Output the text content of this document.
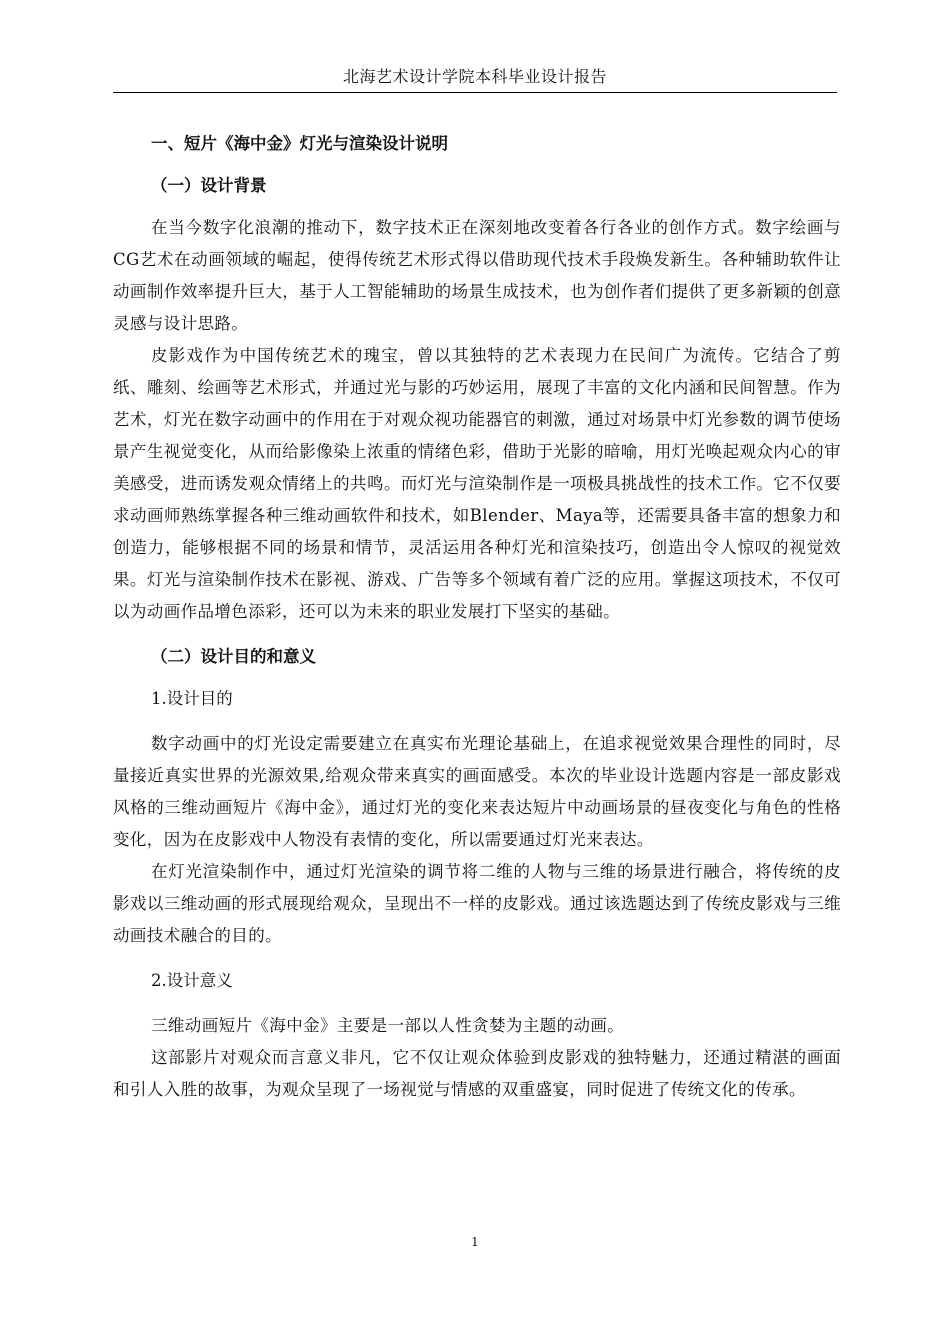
北海艺术设计学院本科毕业设计报告
一、短片《海中金》灯光与渲染设计说明
（一）设计背景

在当今数字化浪潮的推动下，数字技术正在深刻地改变着各行各业的创作方式。数字绘画与CG艺术在动画领域的崛起，使得传统艺术形式得以借助现代技术手段焕发新生。各种辅助软件让动画制作效率提升巨大，基于人工智能辅助的场景生成技术，也为创作者们提供了更多新颖的创意灵感与设计思路。

皮影戏作为中国传统艺术的瑰宝，曾以其独特的艺术表现力在民间广为流传。它结合了剪纸、雕刻、绘画等艺术形式，并通过光与影的巧妙运用，展现了丰富的文化内涵和民间智慧。作为艺术，灯光在数字动画中的作用在于对观众视功能器官的刺激，通过对场景中灯光参数的调节使场景产生视觉变化，从而给影像染上浓重的情绪色彩，借助于光影的暗喻，用灯光唤起观众内心的审美感受，进而诱发观众情绪上的共鸣。而灯光与渲染制作是一项极具挑战性的技术工作。它不仅要求动画师熟练掌握各种三维动画软件和技术，如Blender、Maya等，还需要具备丰富的想象力和创造力，能够根据不同的场景和情节，灵活运用各种灯光和渲染技巧，创造出令人惊叹的视觉效果。灯光与渲染制作技术在影视、游戏、广告等多个领域有着广泛的应用。掌握这项技术，不仅可以为动画作品增色添彩，还可以为未来的职业发展打下坚实的基础。

（二）设计目的和意义
1.设计目的

数字动画中的灯光设定需要建立在真实布光理论基础上，在追求视觉效果合理性的同时，尽量接近真实世界的光源效果,给观众带来真实的画面感受。本次的毕业设计选题内容是一部皮影戏风格的三维动画短片《海中金》，通过灯光的变化来表达短片中动画场景的昼夜变化与角色的性格变化，因为在皮影戏中人物没有表情的变化，所以需要通过灯光来表达。

在灯光渲染制作中，通过灯光渲染的调节将二维的人物与三维的场景进行融合，将传统的皮影戏以三维动画的形式展现给观众，呈现出不一样的皮影戏。通过该选题达到了传统皮影戏与三维动画技术融合的目的。

2.设计意义

三维动画短片《海中金》主要是一部以人性贪婪为主题的动画。

这部影片对观众而言意义非凡，它不仅让观众体验到皮影戏的独特魅力，还通过精湛的画面和引人入胜的故事，为观众呈现了一场视觉与情感的双重盛宴，同时促进了传统文化的传承。

1
